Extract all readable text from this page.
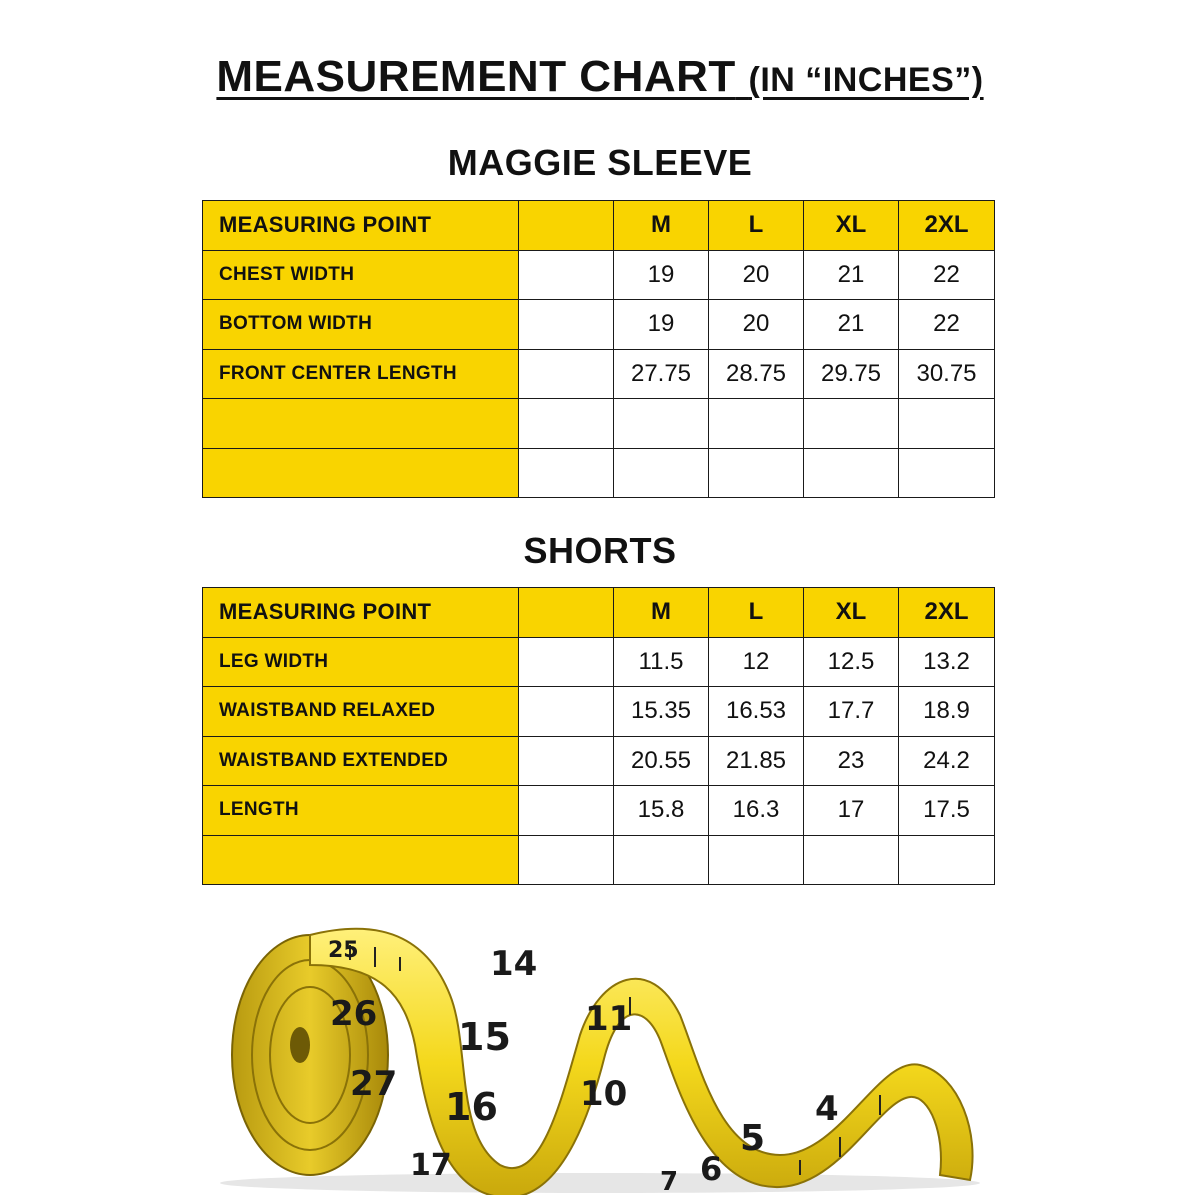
MEASUREMENT CHART (IN “INCHES”)
MAGGIE SLEEVE
MEASURING POINT		M	L	XL	2XL
CHEST WIDTH		19	20	21	22
BOTTOM WIDTH		19	20	21	22
FRONT CENTER LENGTH		27.75	28.75	29.75	30.75

SHORTS
MEASURING POINT		M	L	XL	2XL
LEG WIDTH		11.5	12	12.5	13.2
WAISTBAND RELAXED		15.35	16.53	17.7	18.9
WAISTBAND EXTENDED		20.55	21.85	23	24.2
LENGTH		15.8	16.3	17	17.5

25
26
27
14
15
16
17
11
10	4
5
6
7
